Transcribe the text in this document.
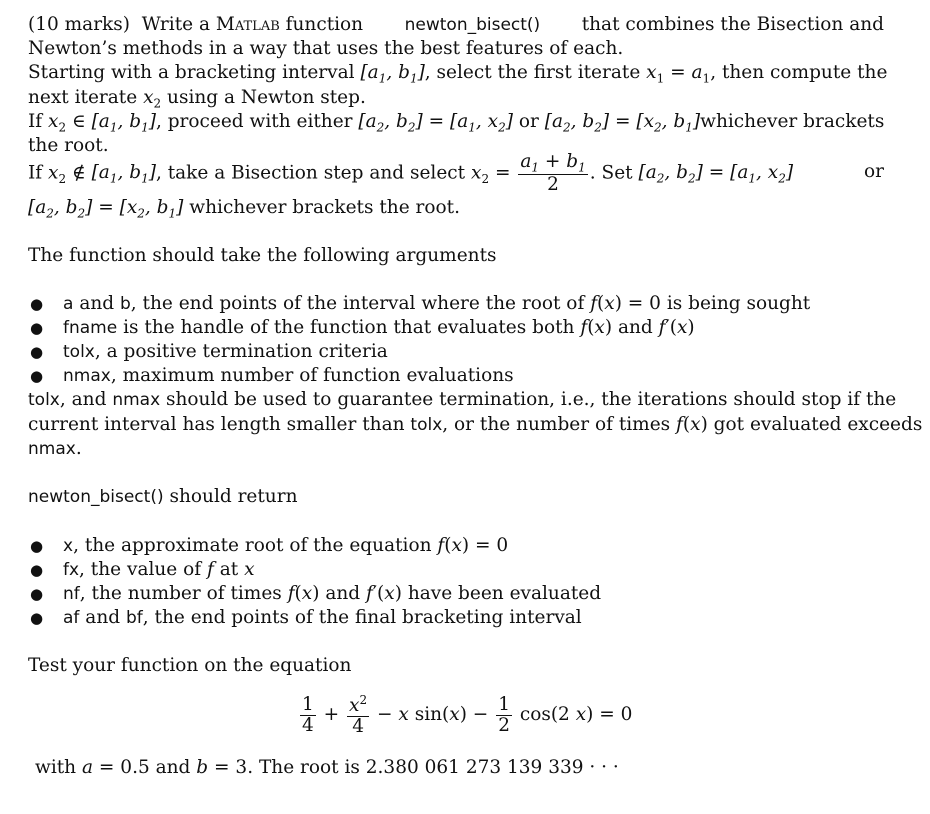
(10 marks) Write a Matlab function newton_bisect() that combines the Bisection and
Newton’s methods in a way that uses the best features of each.
Starting with a bracketing interval [$a_1$, $b_1$], select the first iterate $x_1 = a_1$, then compute the
next iterate $x_2$ using a Newton step.
If $x_2$ ∈ [$a_1$, $b_1$], proceed with either [$a_2$, $b_2] = [a_1$, $x_2$] or [$a_2$, $b_2] = [x_2$, $b_1$] whichever brackets
the root.
If $x_2$ ∉ [$a_1$, $b_1$], take a Bisection step and select $x_2 = \frac{a_1 + b_1}{2}$ . Set [$a_2$, $b_2] = [a_1$, $x_2$]	or
[$a_2$, $b_2] = [x_2$, $b_1$] whichever brackets the root.
The function should take the following arguments
● a and b, the end points of the interval where the root of f(x) = 0 is being sought
● fname is the handle of the function that evaluates both f(x) and f′(x)
● tolx, a positive termination criteria
● nmax, maximum number of function evaluations
tolx, and nmax should be used to guarantee termination, i.e., the iterations should stop if the
current interval has length smaller than tolx, or the number of times f(x) got evaluated exceeds
nmax.
newton_bisect() should return
● x, the approximate root of the equation f(x) = 0
● fx, the value of f at x
● nf, the number of times f(x) and f′(x) have been evaluated
● af and bf, the end points of the final bracketing interval
Test your function on the equation
$\frac{1}{4} + \frac{x^2}{4} - x$ $\sin(x) - \frac{1}{2} \cos(2$ x) = 0
with a = 0.5 and b = 3. The root is 2.380 061 273 139 339 · · ·
